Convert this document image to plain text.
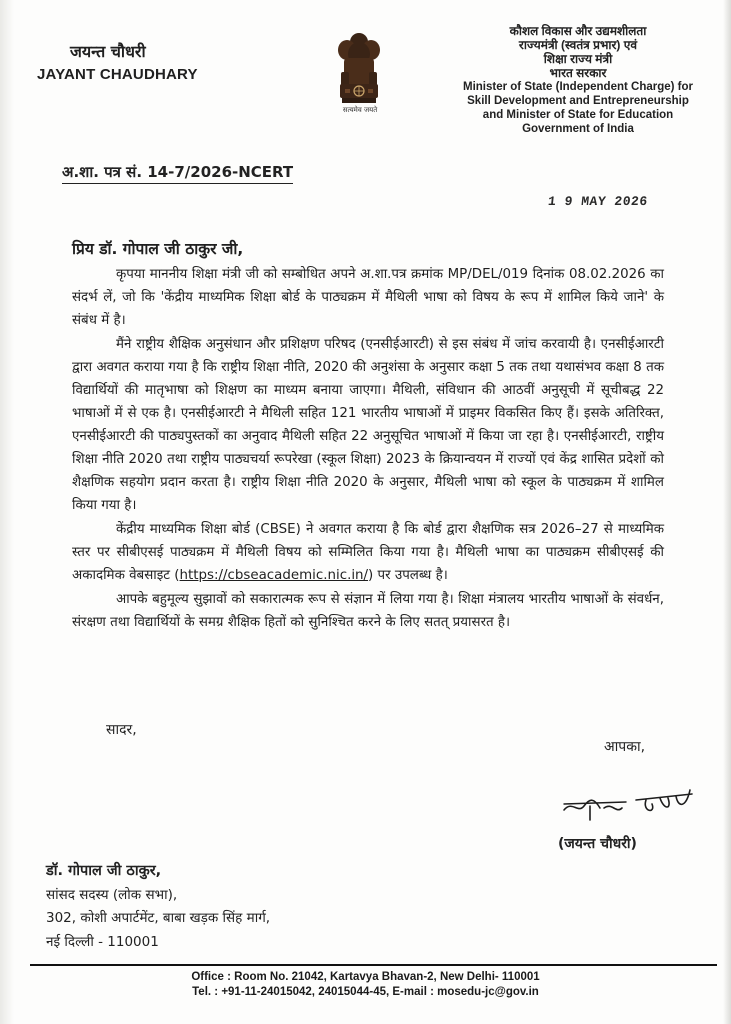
जयन्त चौधरी
JAYANT CHAUDHARY
सत्यमेव जयते
कौशल विकास और उद्यमशीलता
राज्यमंत्री (स्वतंत्र प्रभार) एवं
शिक्षा राज्य मंत्री
भारत सरकार
Minister of State (Independent Charge) for
Skill Development and Entrepreneurship
and Minister of State for Education
Government of India
अ.शा. पत्र सं. 14-7/2026-NCERT
1 9 MAY 2026
प्रिय डॉ. गोपाल जी ठाकुर जी,

कृपया माननीय शिक्षा मंत्री जी को सम्बोधित अपने अ.शा.पत्र क्रमांक MP/DEL/019 दिनांक 08.02.2026 का संदर्भ लें, जो कि 'केंद्रीय माध्यमिक शिक्षा बोर्ड के पाठ्यक्रम में मैथिली भाषा को विषय के रूप में शामिल किये जाने' के संबंध में है।

मैंने राष्ट्रीय शैक्षिक अनुसंधान और प्रशिक्षण परिषद (एनसीईआरटी) से इस संबंध में जांच करवायी है। एनसीईआरटी द्वारा अवगत कराया गया है कि राष्ट्रीय शिक्षा नीति, 2020 की अनुशंसा के अनुसार कक्षा 5 तक तथा यथासंभव कक्षा 8 तक विद्यार्थियों की मातृभाषा को शिक्षण का माध्यम बनाया जाएगा। मैथिली, संविधान की आठवीं अनुसूची में सूचीबद्ध 22 भाषाओं में से एक है। एनसीईआरटी ने मैथिली सहित 121 भारतीय भाषाओं में प्राइमर विकसित किए हैं। इसके अतिरिक्त, एनसीईआरटी की पाठ्यपुस्तकों का अनुवाद मैथिली सहित 22 अनुसूचित भाषाओं में किया जा रहा है। एनसीईआरटी, राष्ट्रीय शिक्षा नीति 2020 तथा राष्ट्रीय पाठ्यचर्या रूपरेखा (स्कूल शिक्षा) 2023 के क्रियान्वयन में राज्यों एवं केंद्र शासित प्रदेशों को शैक्षणिक सहयोग प्रदान करता है। राष्ट्रीय शिक्षा नीति 2020 के अनुसार, मैथिली भाषा को स्कूल के पाठ्यक्रम में शामिल किया गया है।

केंद्रीय माध्यमिक शिक्षा बोर्ड (CBSE) ने अवगत कराया है कि बोर्ड द्वारा शैक्षणिक सत्र 2026–27 से माध्यमिक स्तर पर सीबीएसई पाठ्यक्रम में मैथिली विषय को सम्मिलित किया गया है। मैथिली भाषा का पाठ्यक्रम सीबीएसई की अकादमिक वेबसाइट (https://cbseacademic.nic.in/) पर उपलब्ध है।

आपके बहुमूल्य सुझावों को सकारात्मक रूप से संज्ञान में लिया गया है। शिक्षा मंत्रालय भारतीय भाषाओं के संवर्धन, संरक्षण तथा विद्यार्थियों के समग्र शैक्षिक हितों को सुनिश्चित करने के लिए सतत् प्रयासरत है।

सादर,
आपका,
(जयन्त चौधरी)
डॉ. गोपाल जी ठाकुर,
सांसद सदस्य (लोक सभा),
302, कोशी अपार्टमेंट, बाबा खड़क सिंह मार्ग,
नई दिल्ली - 110001
Office : Room No. 21042, Kartavya Bhavan-2, New Delhi- 110001
Tel. : +91-11-24015042, 24015044-45, E-mail : mosedu-jc@gov.in
